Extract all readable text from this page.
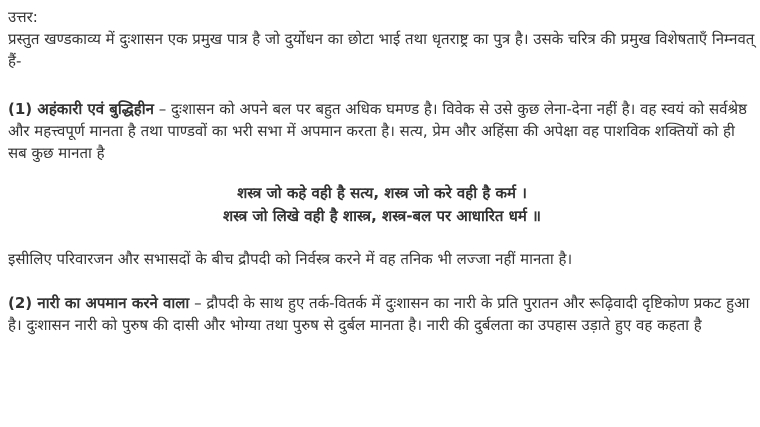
उत्तर:

प्रस्तुत खण्डकाव्य में दुःशासन एक प्रमुख पात्र है जो दुर्योधन का छोटा भाई तथा धृतराष्ट्र का पुत्र है। उसके चरित्र की प्रमुख विशेषताएँ निम्नवत् हैं-

(1) अहंकारी एवं बुद्धिहीन – दुःशासन को अपने बल पर बहुत अधिक घमण्ड है। विवेक से उसे कुछ लेना-देना नहीं है। वह स्वयं को सर्वश्रेष्ठ और महत्त्वपूर्ण मानता है तथा पाण्डवों का भरी सभा में अपमान करता है। सत्य, प्रेम और अहिंसा की अपेक्षा वह पाशविक शक्तियों को ही सब कुछ मानता है

शस्त्र जो कहे वही है सत्य, शस्त्र जो करे वही है कर्म ।
शस्त्र जो लिखे वही है शास्त्र, शस्त्र-बल पर आधारित धर्म ॥

इसीलिए परिवारजन और सभासदों के बीच द्रौपदी को निर्वस्त्र करने में वह तनिक भी लज्जा नहीं मानता है।

(2) नारी का अपमान करने वाला – द्रौपदी के साथ हुए तर्क-वितर्क में दुःशासन का नारी के प्रति पुरातन और रूढ़िवादी दृष्टिकोण प्रकट हुआ है। दुःशासन नारी को पुरुष की दासी और भोग्या तथा पुरुष से दुर्बल मानता है। नारी की दुर्बलता का उपहास उड़ाते हुए वह कहता है
